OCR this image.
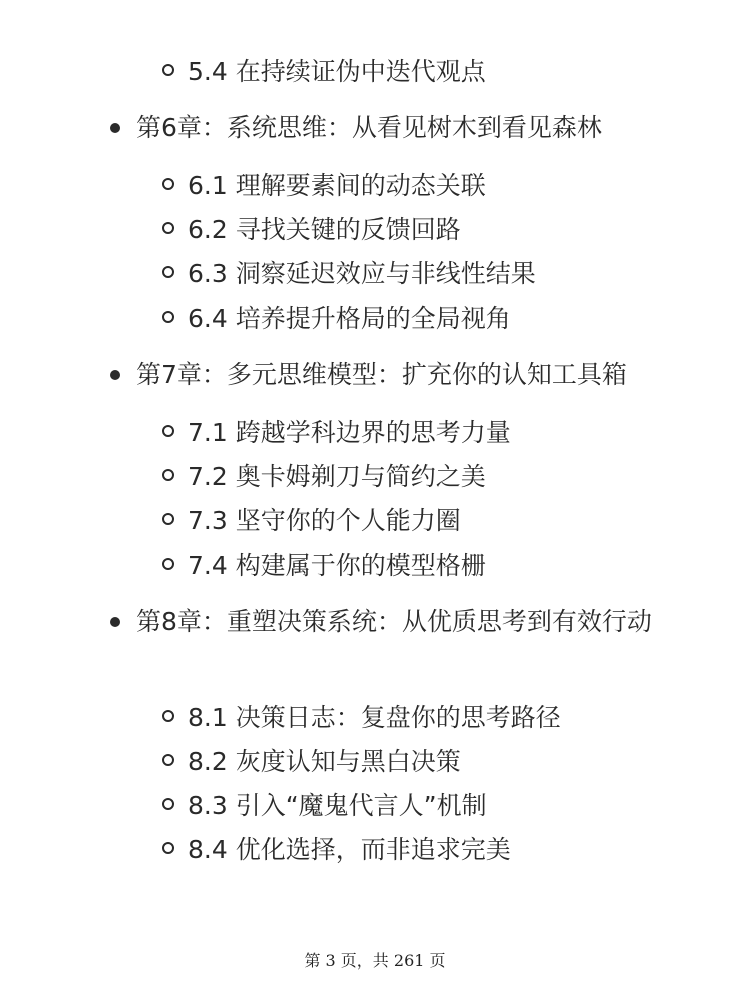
5.4 在持续证伪中迭代观点
第6章：系统思维：从看见树木到看见森林
6.1 理解要素间的动态关联
6.2 寻找关键的反馈回路
6.3 洞察延迟效应与非线性结果
6.4 培养提升格局的全局视角
第7章：多元思维模型：扩充你的认知工具箱
7.1 跨越学科边界的思考力量
7.2 奥卡姆剃刀与简约之美
7.3 坚守你的个人能力圈
7.4 构建属于你的模型格栅
第8章：重塑决策系统：从优质思考到有效行动
8.1 决策日志：复盘你的思考路径
8.2 灰度认知与黑白决策
8.3 引入“魔鬼代言人”机制
8.4 优化选择，而非追求完美
第 3 页，共 261 页
